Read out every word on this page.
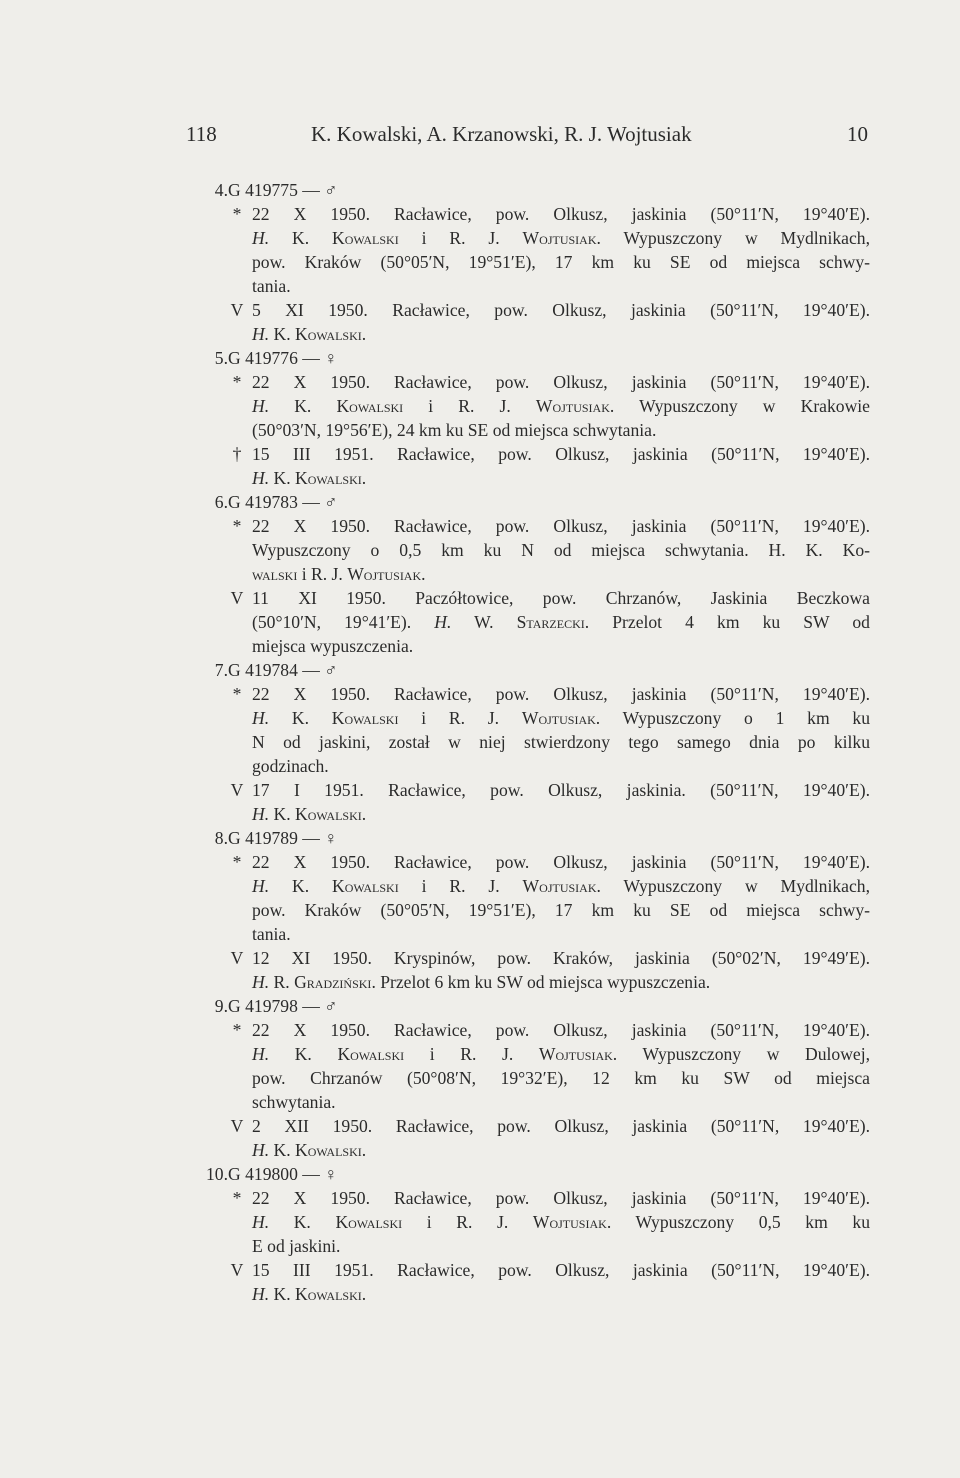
118	K. Kowalski, A. Krzanowski, R. J. Wojtusiak	10
4. G 419775 — ♂
* 22 X 1950. Racławice, pow. Olkusz, jaskinia (50°11′N, 19°40′E).
H. K. Kowalski i R. J. Wojtusiak. Wypuszczony w Mydlnikach,
pow. Kraków (50°05′N, 19°51′E), 17 km ku SE od miejsca schwy-
tania.
V 5 XI 1950. Racławice, pow. Olkusz, jaskinia (50°11′N, 19°40′E).
H. K. Kowalski.
5. G 419776 — ♀
* 22 X 1950. Racławice, pow. Olkusz, jaskinia (50°11′N, 19°40′E).
H. K. Kowalski i R. J. Wojtusiak. Wypuszczony w Krakowie
(50°03′N, 19°56′E), 24 km ku SE od miejsca schwytania.
† 15 III 1951. Racławice, pow. Olkusz, jaskinia (50°11′N, 19°40′E).
H. K. Kowalski.
6. G 419783 — ♂
* 22 X 1950. Racławice, pow. Olkusz, jaskinia (50°11′N, 19°40′E).
Wypuszczony o 0,5 km ku N od miejsca schwytania. H. K. Ko-
walski i R. J. Wojtusiak.
V 11 XI 1950. Paczółtowice, pow. Chrzanów, Jaskinia Beczkowa
(50°10′N, 19°41′E). H. W. Starzecki. Przelot 4 km ku SW od
miejsca wypuszczenia.
7. G 419784 — ♂
* 22 X 1950. Racławice, pow. Olkusz, jaskinia (50°11′N, 19°40′E).
H. K. Kowalski i R. J. Wojtusiak. Wypuszczony o 1 km ku
N od jaskini, został w niej stwierdzony tego samego dnia po kilku
godzinach.
V 17 I 1951. Racławice, pow. Olkusz, jaskinia. (50°11′N, 19°40′E).
H. K. Kowalski.
8. G 419789 — ♀
* 22 X 1950. Racławice, pow. Olkusz, jaskinia (50°11′N, 19°40′E).
H. K. Kowalski i R. J. Wojtusiak. Wypuszczony w Mydlnikach,
pow. Kraków (50°05′N, 19°51′E), 17 km ku SE od miejsca schwy-
tania.
V 12 XI 1950. Kryspinów, pow. Kraków, jaskinia (50°02′N, 19°49′E).
H. R. Gradziński. Przelot 6 km ku SW od miejsca wypuszczenia.
9. G 419798 — ♂
* 22 X 1950. Racławice, pow. Olkusz, jaskinia (50°11′N, 19°40′E).
H. K. Kowalski i R. J. Wojtusiak. Wypuszczony w Dulowej,
pow. Chrzanów (50°08′N, 19°32′E), 12 km ku SW od miejsca
schwytania.
V 2 XII 1950. Racławice, pow. Olkusz, jaskinia (50°11′N, 19°40′E).
H. K. Kowalski.
10. G 419800 — ♀
* 22 X 1950. Racławice, pow. Olkusz, jaskinia (50°11′N, 19°40′E).
H. K. Kowalski i R. J. Wojtusiak. Wypuszczony 0,5 km ku
E od jaskini.
V 15 III 1951. Racławice, pow. Olkusz, jaskinia (50°11′N, 19°40′E).
H. K. Kowalski.
